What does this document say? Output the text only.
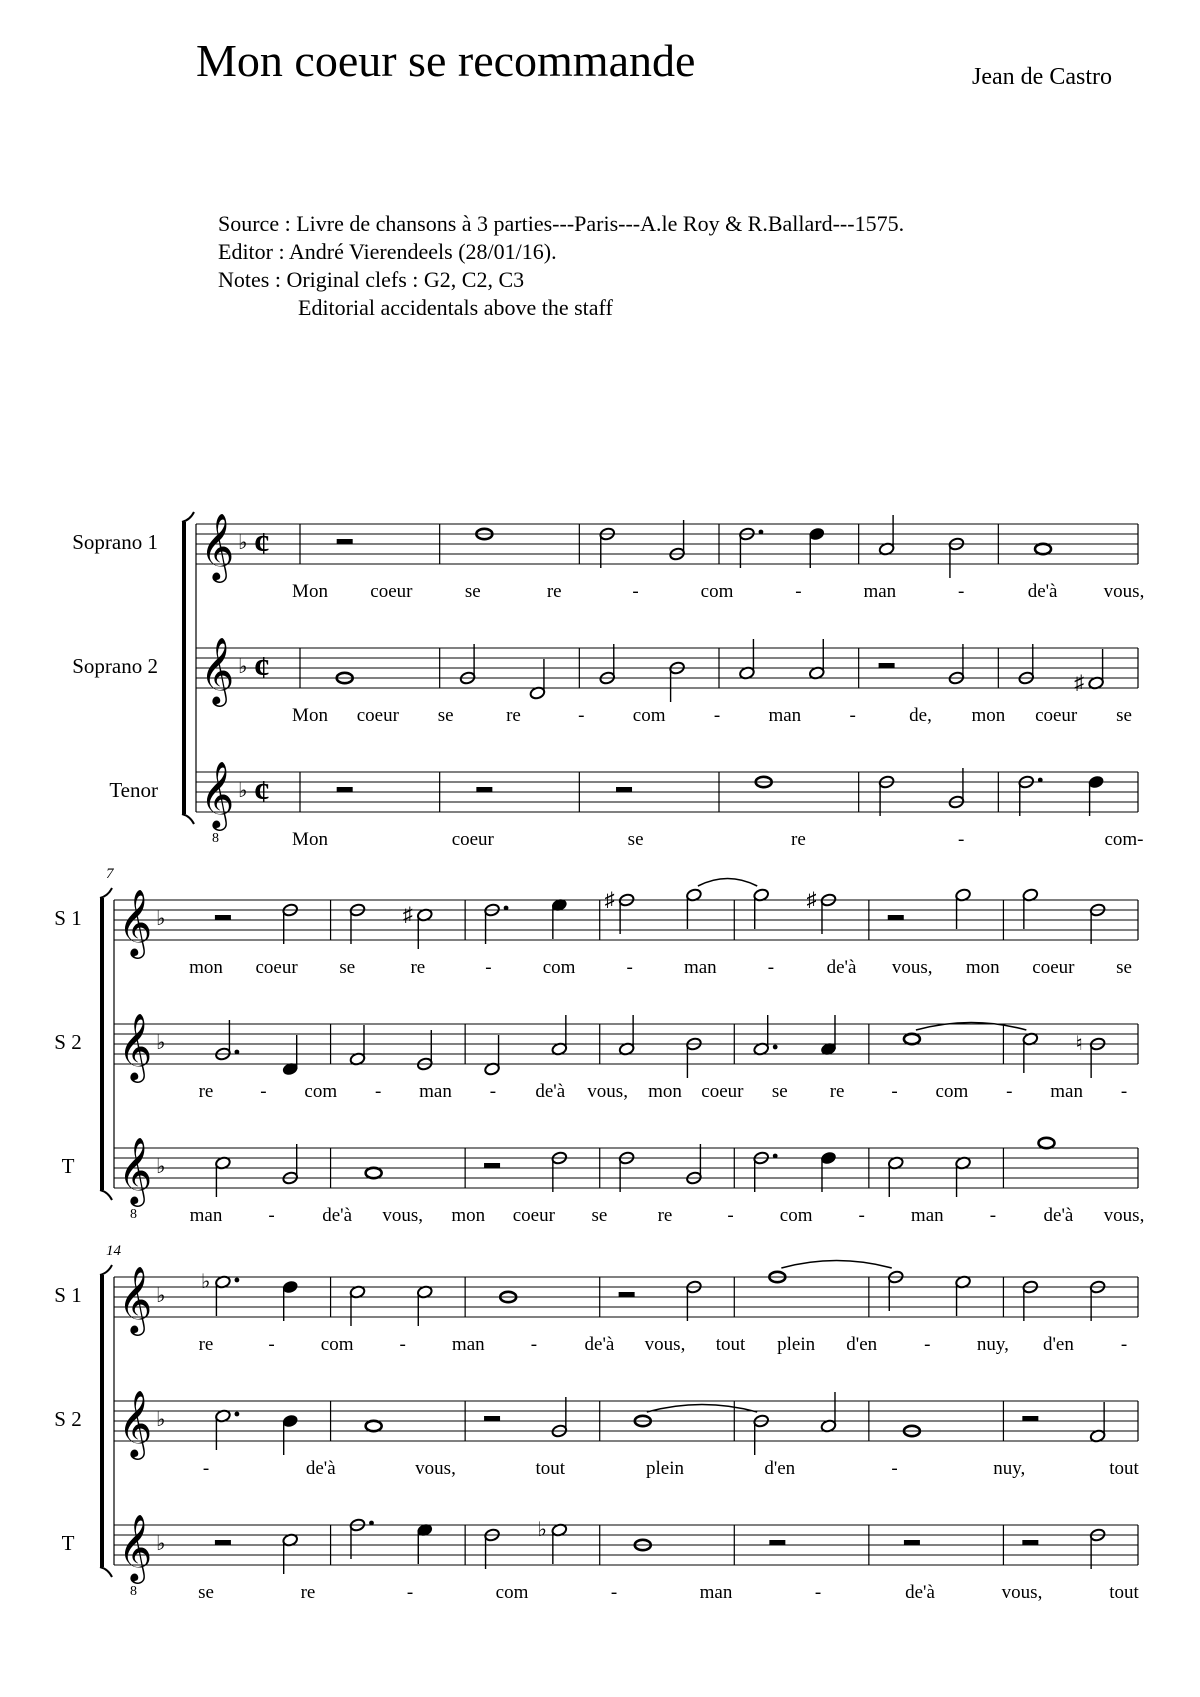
Mon coeur se recommande	Jean de Castro
Source : Livre de chansons à 3 parties---Paris---A.le Roy & R.Ballard---1575.
Editor : André Vierendeels (28/01/16).
Notes : Original clefs : G2, C2, C3
Editorial accidentals above the staff
Soprano 1 𝄞 ♭ ¢
Mon coeur	se	re	-	com	-	man	-	de'à vous,
Soprano 2 𝄞 ♭ ¢	♯
Mon coeur se	re	-	com	-	man	-	de, mon coeur se
Tenor 𝄞
8
♭ ¢
Mon	coeur	se	re	-	com-
7
S 1 𝄞 ♭	♯
♯	♯
mon coeur se	re	-	com	-	man	-	de'à vous, mon coeur se
S 2 𝄞 ♭	♮
re - com - man - de'à vous, mon coeur se re - com - man -
T 𝄞
8
♭
man -	de'à vous, mon coeur se	re	- com - man -	de'à vous,
14
S 1 𝄞 ♭
♭
re	- com - man -	de'à vous, tout plein d'en - nuy, d'en -
S 2 𝄞 ♭
-	de'à	vous,	tout	plein	d'en	-	nuy,	tout
T 𝄞
8
♭
♭
se	re	-	com	-	man	-	de'à	vous,	tout
